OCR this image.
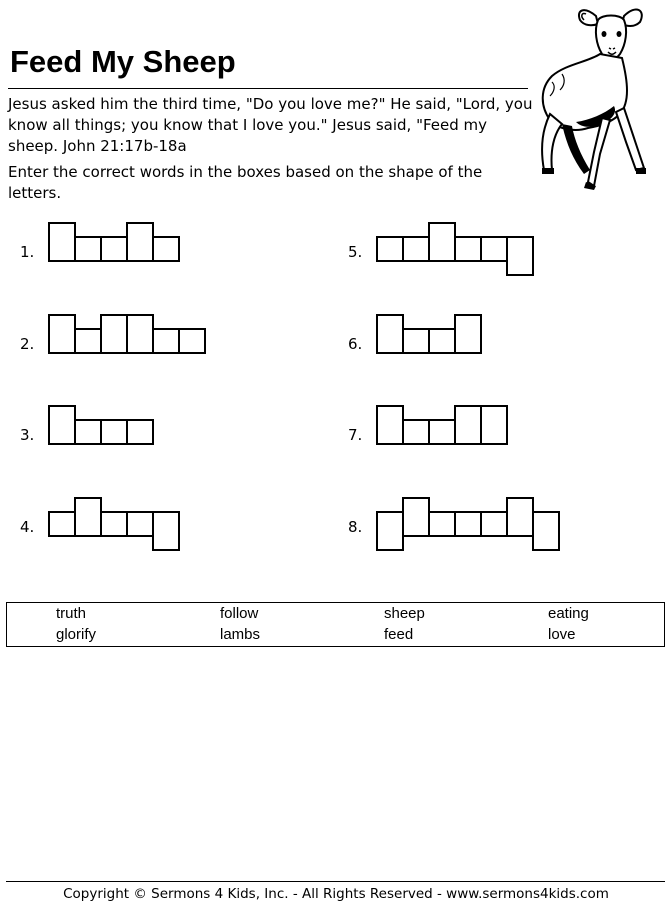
Feed My Sheep
Jesus asked him the third time, "Do you love me?" He said, "Lord, you know all things; you know that I love you." Jesus said, "Feed my sheep. John 21:17b-18a
Enter the correct words in the boxes based on the shape of the letters.
1.
2.
3.
4.
5.
6.
7.
8.
truth	follow	sheep	eating
glorify	lambs	feed	love
Copyright © Sermons 4 Kids, Inc. - All Rights Reserved - www.sermons4kids.com
